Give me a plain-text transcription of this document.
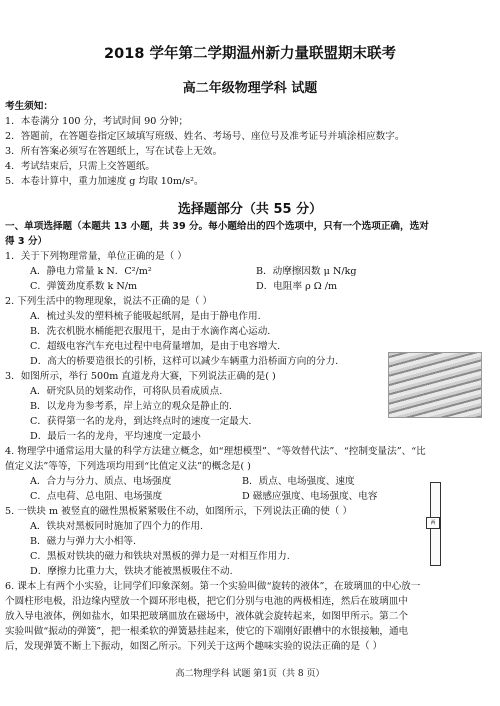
2018 学年第二学期温州新力量联盟期末联考
高二年级物理学科 试题
考生须知：
1．本卷满分 100 分，考试时间 90 分钟；
2．答题前，在答题卷指定区域填写班级、姓名、考场号、座位号及准考证号并填涂相应数字。
3．所有答案必须写在答题纸上，写在试卷上无效。
4．考试结束后，只需上交答题纸。
5．本卷计算中，重力加速度 g 均取 10m/s²。
选择题部分（共 55 分）
一、单项选择题（本题共 13 小题，共 39 分。每小题给出的四个选项中，只有一个选项正确，选对
得 3 分）
1．关于下列物理常量，单位正确的是（ ）
A．静电力常量 k N．C²/m²	B．动摩擦因数 μ N/kg
C．弹簧劲度系数 k N/m	D．电阻率 ρ Ω /m
2. 下列生活中的物理现象，说法不正确的是（ ）
A．梳过头发的塑料梳子能吸起纸屑，是由于静电作用.
B．洗衣机脱水桶能把衣服甩干，是由于水滴作离心运动.
C．超级电容汽车充电过程中电荷量增加，是由于电容增大.
D．高大的桥要造很长的引桥，这样可以减少车辆重力沿桥面方向的分力.
3．如图所示，举行 500m 直道龙舟大赛，下列说法正确的是( )
A．研究队员的划桨动作，可将队员看成质点.
B．以龙舟为参考系，岸上站立的观众是静止的.
C．获得第一名的龙舟，到达终点时的速度一定最大.
D．最后一名的龙舟，平均速度一定最小
4. 物理学中通常运用大量的科学方法建立概念，如“理想模型”、“等效替代法”、“控制变量法”、“比
值定义法”等等，下列选项均用到“比值定义法”的概念是( )
A．合力与分力、质点、电场强度	B．质点、电场强度、速度
C．点电荷、总电阻、电场强度	D 磁感应强度、电场强度、电容
5. 一铁块 m 被竖直的磁性黑板紧紧吸住不动，如图所示，下列说法正确的使（ ）
A．铁块对黑板同时施加了四个力的作用.
B．磁力与弹力大小相等.
C．黑板对铁块的磁力和铁块对黑板的弹力是一对相互作用力.
D．摩擦力比重力大，铁块才能被黑板吸住不动.
两
6. 课本上有两个小实验，让同学们印象深刻。第一个实验叫做“旋转的液体”，在玻璃皿的中心放一
个圆柱形电极，沿边缘内壁放一个圆环形电极，把它们分别与电池的两极相连，然后在玻璃皿中
放入导电液体，例如盐水，如果把玻璃皿放在磁场中，液体就会旋转起来，如图甲所示。第二个
实验叫做“振动的弹簧”，把一根柔软的弹簧悬挂起来，使它的下端刚好跟槽中的水银接触，通电
后，发现弹簧不断上下振动，如图乙所示。下列关于这两个趣味实验的说法正确的是（ ）
高二物理学科 试题 第1页（共 8 页）
